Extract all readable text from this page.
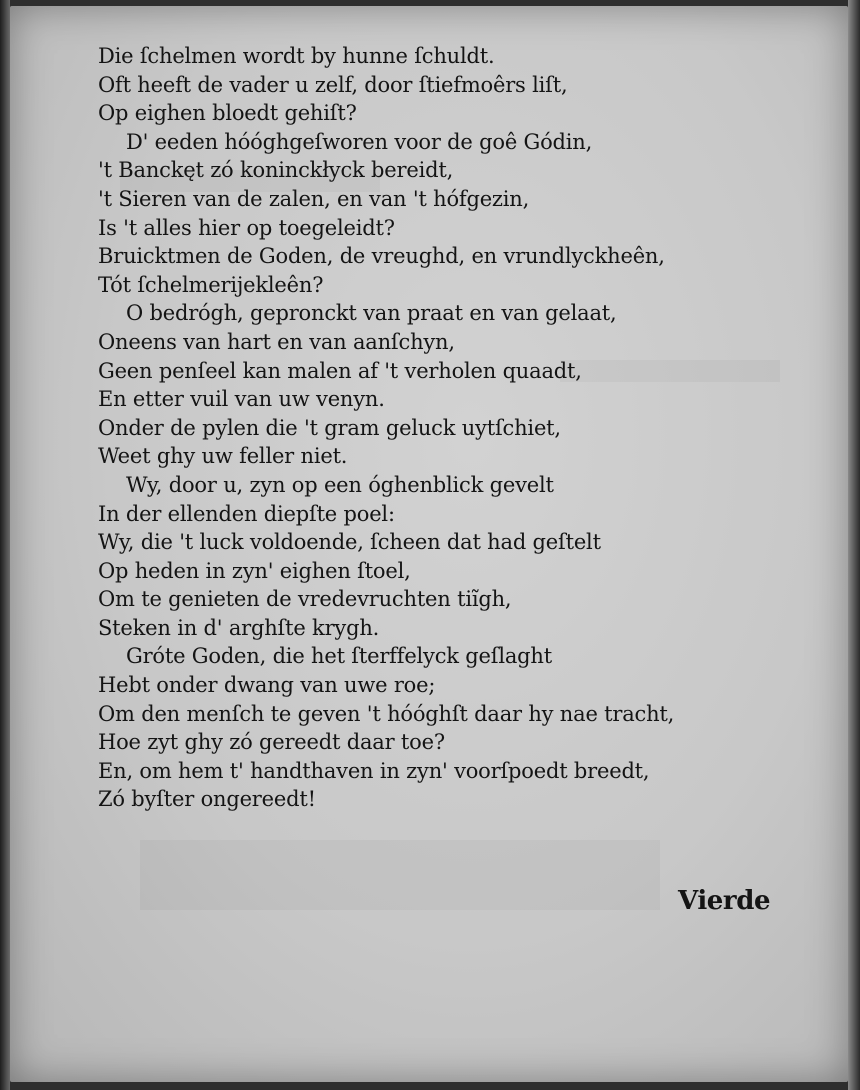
Die ſchelmen wordt by hunne ſchuldt.
Oft heeft de vader u zelf, door ſtiefmoêrs liſt,
Op eighen bloedt gehiſt?
D' eeden hóóghgeſworen voor de goê Gódin,
't Banckęt zó koninckłyck bereidt,
't Sieren van de zalen, en van 't hófgezin,
Is 't alles hier op toegeleidt?
Bruicktmen de Goden, de vreughd, en vrundlyckheên,
Tót ſchelmerijekleên?
O bedrógh, gepronckt van praat en van gelaat,
Oneens van hart en van aanſchyn,
Geen penſeel kan malen af 't verholen quaadt,
En etter vuil van uw venyn.
Onder de pylen die 't gram geluck uytſchiet,
Weet ghy uw feller niet.
Wy, door u, zyn op een óghenblick gevelt
In der ellenden diepſte poel:
Wy, die 't luck voldoende, ſcheen dat had geſtelt
Op heden in zyn' eighen ſtoel,
Om te genieten de vredevruchten tiĩgh,
Steken in d' arghſte krygh.
Gróte Goden, die het ſterffelyck geſlaght
Hebt onder dwang van uwe roe;
Om den menſch te geven 't hóóghſt daar hy nae tracht,
Hoe zyt ghy zó gereedt daar toe?
En, om hem t' handthaven in zyn' voorſpoedt breedt,
Zó byſter ongereedt!
Vierde
